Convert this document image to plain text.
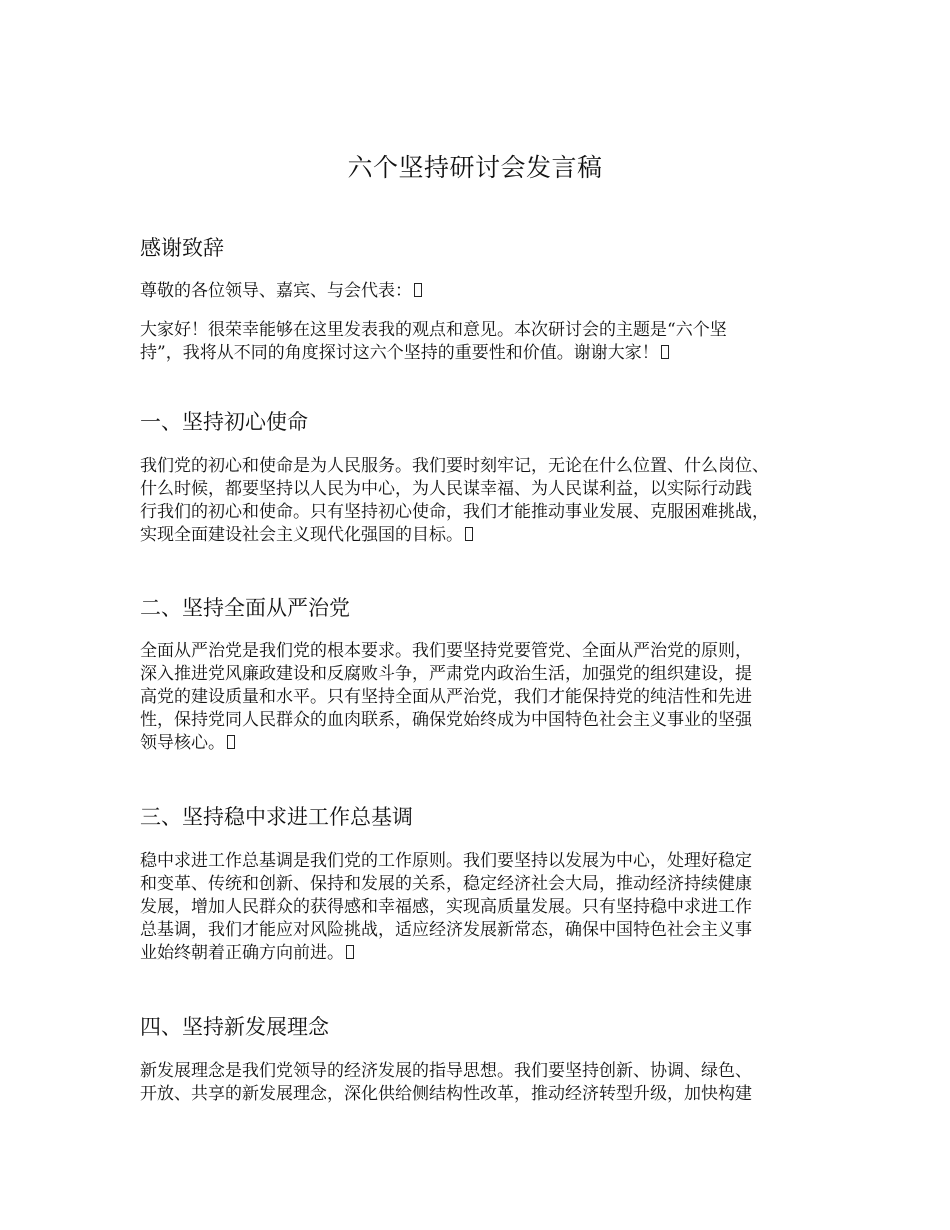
六个坚持研讨会发言稿
感谢致辞

尊敬的各位领导、嘉宾、与会代表：

大家好！很荣幸能够在这里发表我的观点和意见。本次研讨会的主题是“六个坚
持”，我将从不同的角度探讨这六个坚持的重要性和价值。谢谢大家！

一、坚持初心使命

我们党的初心和使命是为人民服务。我们要时刻牢记，无论在什么位置、什么岗位、
什么时候，都要坚持以人民为中心，为人民谋幸福、为人民谋利益，以实际行动践
行我们的初心和使命。只有坚持初心使命，我们才能推动事业发展、克服困难挑战，
实现全面建设社会主义现代化强国的目标。

二、坚持全面从严治党

全面从严治党是我们党的根本要求。我们要坚持党要管党、全面从严治党的原则，
深入推进党风廉政建设和反腐败斗争，严肃党内政治生活，加强党的组织建设，提
高党的建设质量和水平。只有坚持全面从严治党，我们才能保持党的纯洁性和先进
性，保持党同人民群众的血肉联系，确保党始终成为中国特色社会主义事业的坚强
领导核心。

三、坚持稳中求进工作总基调

稳中求进工作总基调是我们党的工作原则。我们要坚持以发展为中心，处理好稳定
和变革、传统和创新、保持和发展的关系，稳定经济社会大局，推动经济持续健康
发展，增加人民群众的获得感和幸福感，实现高质量发展。只有坚持稳中求进工作
总基调，我们才能应对风险挑战，适应经济发展新常态，确保中国特色社会主义事
业始终朝着正确方向前进。

四、坚持新发展理念

新发展理念是我们党领导的经济发展的指导思想。我们要坚持创新、协调、绿色、
开放、共享的新发展理念，深化供给侧结构性改革，推动经济转型升级，加快构建
